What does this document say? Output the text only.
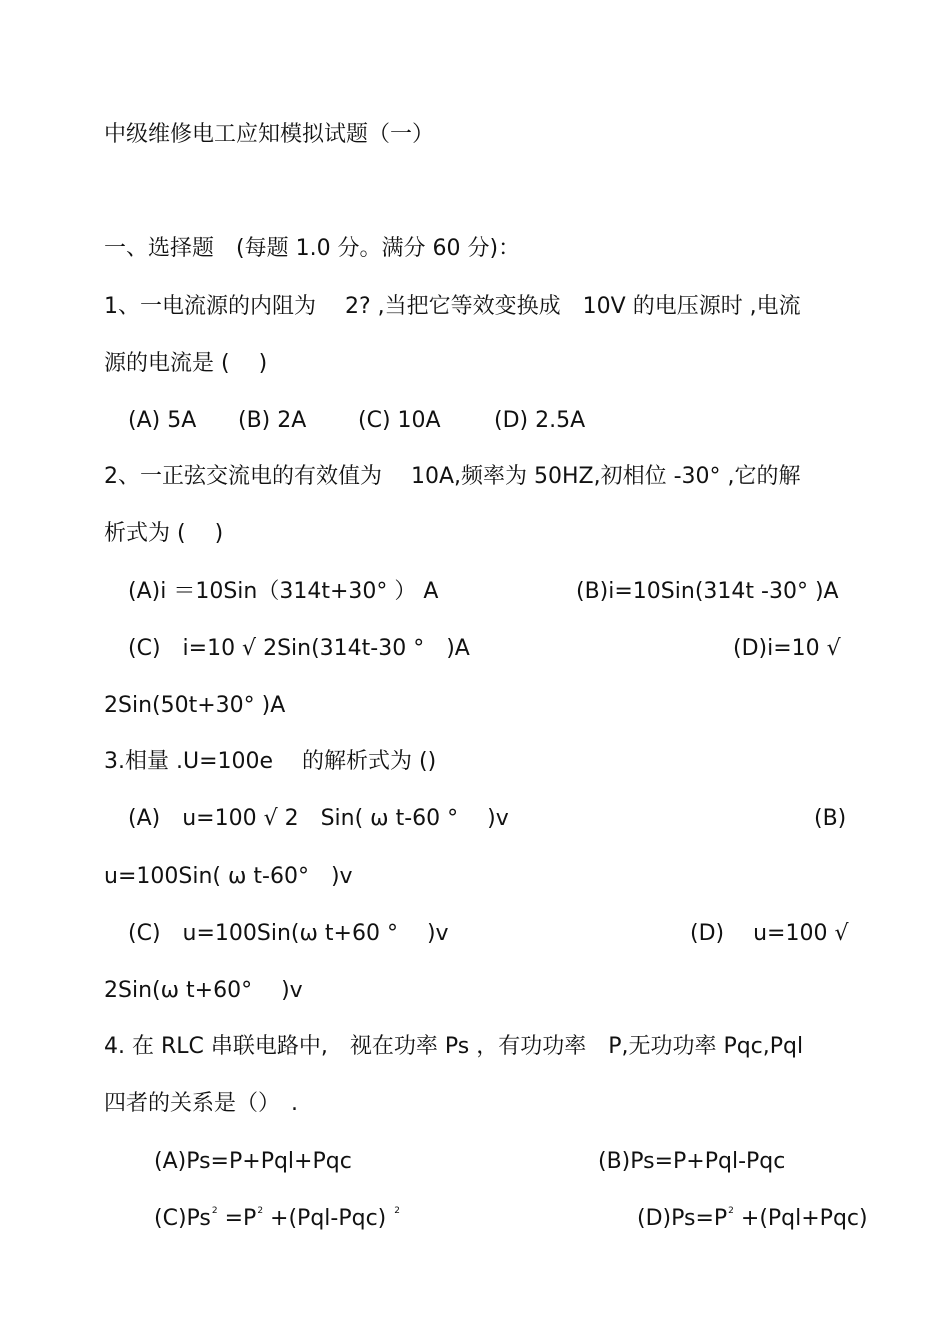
中级维修电工应知模拟试题（一）
一、选择题　(每题 1.0 分。满分 60 分)：
1、一电流源的内阻为　 2? ,当把它等效变换成　10V 的电压源时 ,电流
源的电流是 (　 )
(A) 5A (B) 2A (C) 10A (D) 2.5A
2、一正弦交流电的有效值为　 10A,频率为 50HZ,初相位 -30° ,它的解
析式为 (　 )
(A)i ＝10Sin（314t+30° ） A	(B)i=10Sin(314t -30° )A
(C)　i=10 √ 2Sin(314t-30 °　)A	(D)i=10 √
2Sin(50t+30° )A
3.相量 .U=100e　 的解析式为 ()
(A)　u=100 √ 2　Sin( ω t-60 °　 )v	(B)
u=100Sin( ω t-60°　)v
(C)　u=100Sin(ω t+60 °　 )v	(D)　 u=100 √
2Sin(ω t+60°　 )v
4. 在 RLC 串联电路中,　视在功率 Ps ，有功功率　P,无功功率 Pqc,Pql
四者的关系是（）　.
(A)Ps=P+Pql+Pqc	(B)Ps=P+Pql-Pqc
$(C)Ps^2 =P^2 +(Pql-Pqc)$ $^2$	$(D)Ps=P^2 +(Pql+Pqc)$
